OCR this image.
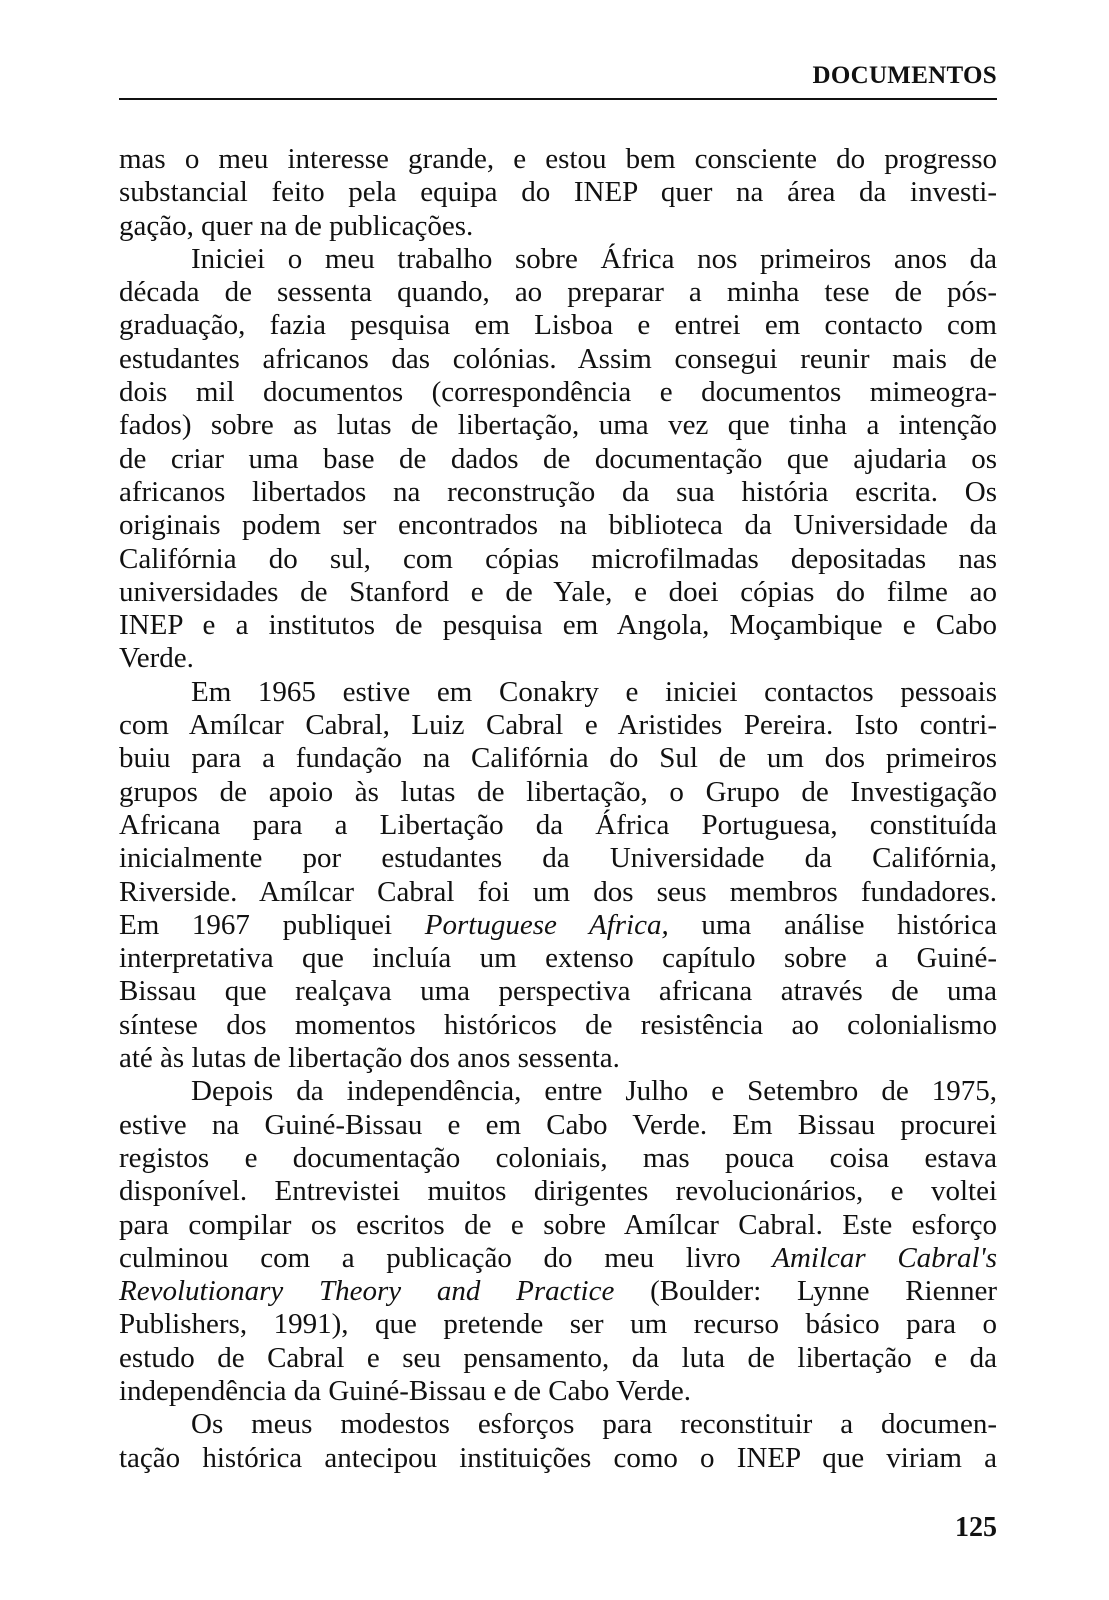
DOCUMENTOS
mas o meu interesse grande, e estou bem consciente do progresso
substancial feito pela equipa do INEP quer na área da investi-
gação, quer na de publicações.
Iniciei o meu trabalho sobre África nos primeiros anos da
década de sessenta quando, ao preparar a minha tese de pós-
graduação, fazia pesquisa em Lisboa e entrei em contacto com
estudantes africanos das colónias. Assim consegui reunir mais de
dois mil documentos (correspondência e documentos mimeogra-
fados) sobre as lutas de libertação, uma vez que tinha a intenção
de criar uma base de dados de documentação que ajudaria os
africanos libertados na reconstrução da sua história escrita. Os
originais podem ser encontrados na biblioteca da Universidade da
Califórnia do sul, com cópias microfilmadas depositadas nas
universidades de Stanford e de Yale, e doei cópias do filme ao
INEP e a institutos de pesquisa em Angola, Moçambique e Cabo
Verde.
Em 1965 estive em Conakry e iniciei contactos pessoais
com Amílcar Cabral, Luiz Cabral e Aristides Pereira. Isto contri-
buiu para a fundação na Califórnia do Sul de um dos primeiros
grupos de apoio às lutas de libertação, o Grupo de Investigação
Africana para a Libertação da África Portuguesa, constituída
inicialmente por estudantes da Universidade da Califórnia,
Riverside. Amílcar Cabral foi um dos seus membros fundadores.
Em 1967 publiquei Portuguese Africa, uma análise histórica
interpretativa que incluía um extenso capítulo sobre a Guiné-
Bissau que realçava uma perspectiva africana através de uma
síntese dos momentos históricos de resistência ao colonialismo
até às lutas de libertação dos anos sessenta.
Depois da independência, entre Julho e Setembro de 1975,
estive na Guiné-Bissau e em Cabo Verde. Em Bissau procurei
registos e documentação coloniais, mas pouca coisa estava
disponível. Entrevistei muitos dirigentes revolucionários, e voltei
para compilar os escritos de e sobre Amílcar Cabral. Este esforço
culminou com a publicação do meu livro Amilcar Cabral's
Revolutionary Theory and Practice (Boulder: Lynne Rienner
Publishers, 1991), que pretende ser um recurso básico para o
estudo de Cabral e seu pensamento, da luta de libertação e da
independência da Guiné-Bissau e de Cabo Verde.
Os meus modestos esforços para reconstituir a documen-
tação histórica antecipou instituições como o INEP que viriam a
125
